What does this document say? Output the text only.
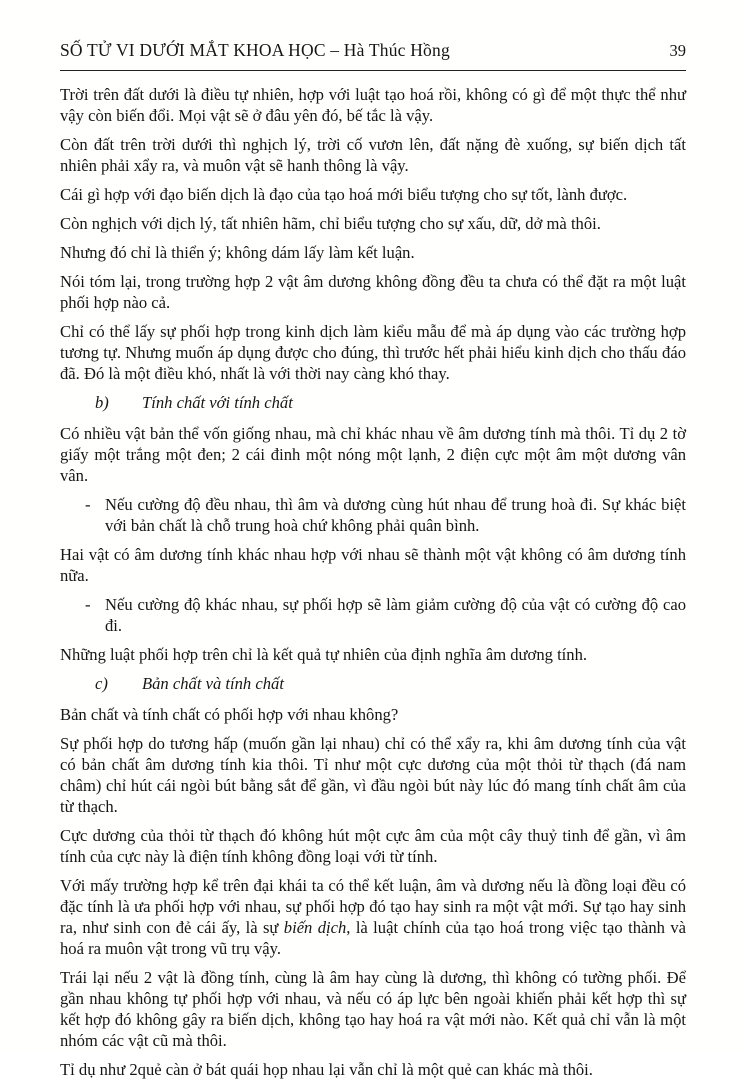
SỐ TỬ VI DƯỚI MẮT KHOA HỌC – Hà Thúc Hồng	39

Trời trên đất dưới là điều tự nhiên, hợp với luật tạo hoá rồi, không có gì để một thực thể như vậy còn biến đổi. Mọi vật sẽ ở đâu yên đó, bế tắc là vậy.

Còn đất trên trời dưới thì nghịch lý, trời cố vươn lên, đất nặng đè xuống, sự biến dịch tất nhiên phải xẩy ra, và muôn vật sẽ hanh thông là vậy.

Cái gì hợp với đạo biến dịch là đạo của tạo hoá mới biểu tượng cho sự tốt, lành được.

Còn nghịch với dịch lý, tất nhiên hãm, chỉ biểu tượng cho sự xấu, dữ, dở mà thôi.

Nhưng đó chỉ là thiển ý; không dám lấy làm kết luận.

Nói tóm lại, trong trường hợp 2 vật âm dương không đồng đều ta chưa có thể đặt ra một luật phối hợp nào cả.

Chỉ có thể lấy sự phối hợp trong kinh dịch làm kiểu mẫu để mà áp dụng vào các trường hợp tương tự. Nhưng muốn áp dụng được cho đúng, thì trước hết phải hiểu kinh dịch cho thấu đáo đã. Đó là một điều khó, nhất là với thời nay càng khó thay.

b) Tính chất với tính chất

Có nhiều vật bản thể vốn giống nhau, mà chỉ khác nhau về âm dương tính mà thôi. Tỉ dụ 2 tờ giấy một trắng một đen; 2 cái đinh một nóng một lạnh, 2 điện cực một âm một dương vân vân.

- Nếu cường độ đều nhau, thì âm và dương cùng hút nhau để trung hoà đi. Sự khác biệt với bản chất là chỗ trung hoà chứ không phải quân bình.

Hai vật có âm dương tính khác nhau hợp với nhau sẽ thành một vật không có âm dương tính nữa.

- Nếu cường độ khác nhau, sự phối hợp sẽ làm giảm cường độ của vật có cường độ cao đi.

Những luật phối hợp trên chỉ là kết quả tự nhiên của định nghĩa âm dương tính.

c) Bản chất và tính chất

Bản chất và tính chất có phối hợp với nhau không?

Sự phối hợp do tương hấp (muốn gần lại nhau) chỉ có thể xẩy ra, khi âm dương tính của vật có bản chất âm dương tính kia thôi. Tỉ như một cực dương của một thỏi từ thạch (đá nam châm) chỉ hút cái ngòi bút bằng sắt để gần, vì đầu ngòi bút này lúc đó mang tính chất âm của từ thạch.

Cực dương của thỏi từ thạch đó không hút một cực âm của một cây thuỷ tinh để gần, vì âm tính của cực này là điện tính không đồng loại với từ tính.

Với mấy trường hợp kể trên đại khái ta có thể kết luận, âm và dương nếu là đồng loại đều có đặc tính là ưa phối hợp với nhau, sự phối hợp đó tạo hay sinh ra một vật mới. Sự tạo hay sinh ra, như sinh con đẻ cái ấy, là sự biến dịch, là luật chính của tạo hoá trong việc tạo thành và hoá ra muôn vật trong vũ trụ vậy.

Trái lại nếu 2 vật là đồng tính, cùng là âm hay cùng là dương, thì không có tường phối. Để gần nhau không tự phối hợp với nhau, và nếu có áp lực bên ngoài khiến phải kết hợp thì sự kết hợp đó không gây ra biến dịch, không tạo hay hoá ra vật mới nào. Kết quả chỉ vẫn là một nhóm các vật cũ mà thôi.

Tỉ dụ như 2quẻ càn ở bát quái họp nhau lại vẫn chỉ là một quẻ can khác mà thôi.
